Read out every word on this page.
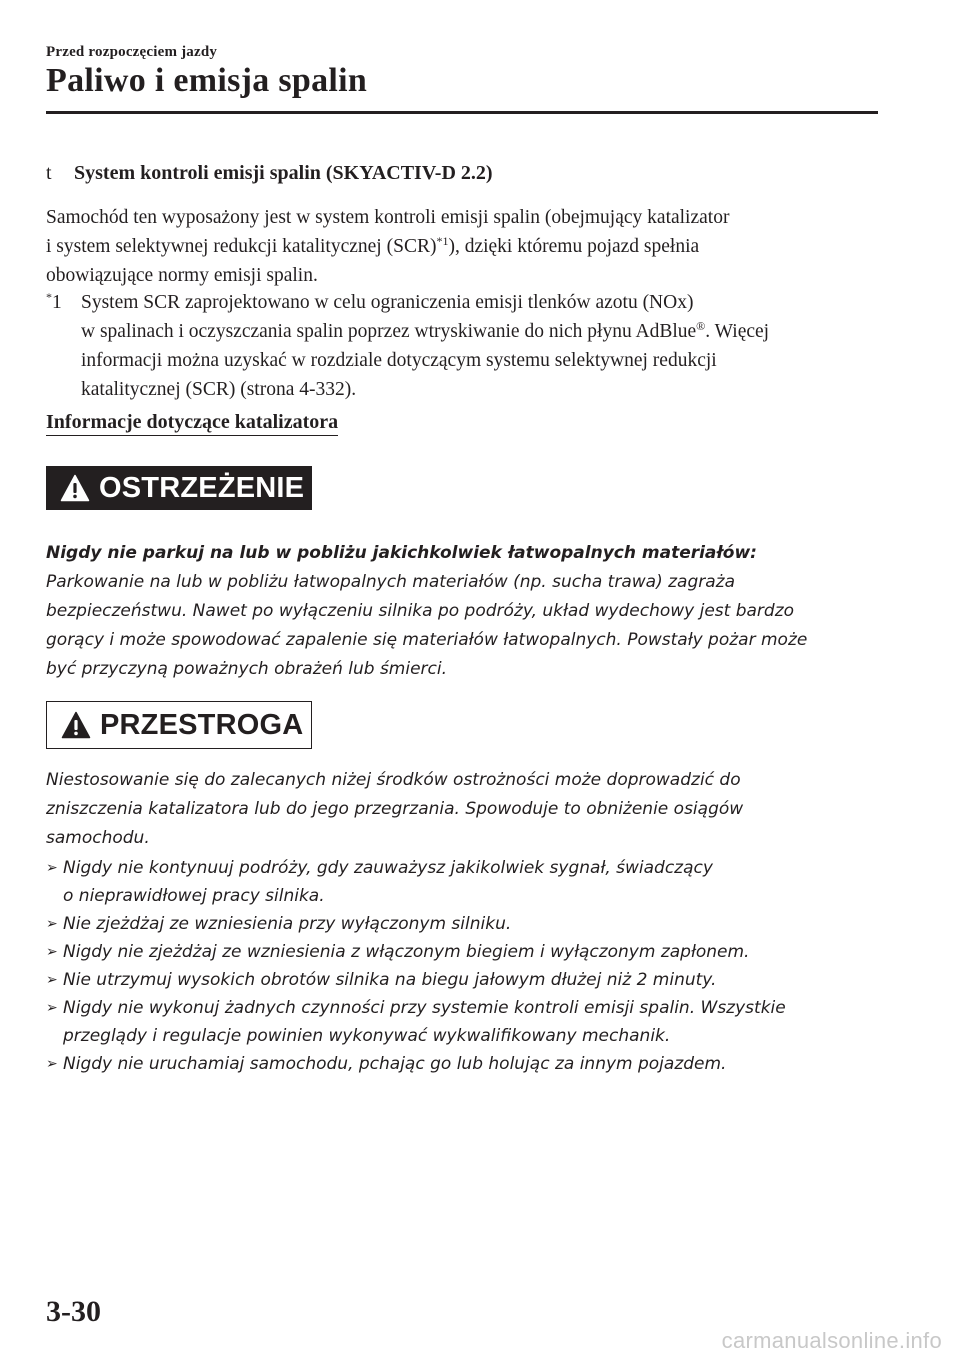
Przed rozpoczęciem jazdy
Paliwo i emisja spalin
t System kontroli emisji spalin (SKYACTIV-D 2.2)
Samochód ten wyposażony jest w system kontroli emisji spalin (obejmujący katalizator
i system selektywnej redukcji katalitycznej (SCR)$^{*1}$), dzięki któremu pojazd spełnia
obowiązujące normy emisji spalin.
*1 System SCR zaprojektowano w celu ograniczenia emisji tlenków azotu (NOx)
w spalinach i oczyszczania spalin poprzez wtryskiwanie do nich płynu AdBlue®. Więcej
informacji można uzyskać w rozdziale dotyczącym systemu selektywnej redukcji
katalitycznej (SCR) (strona 4-332).
Informacje dotyczące katalizatora
OSTRZEŻENIE
Nigdy nie parkuj na lub w pobliżu jakichkolwiek łatwopalnych materiałów:
Parkowanie na lub w pobliżu łatwopalnych materiałów (np. sucha trawa) zagraża
bezpieczeństwu. Nawet po wyłączeniu silnika po podróży, układ wydechowy jest bardzo
gorący i może spowodować zapalenie się materiałów łatwopalnych. Powstały pożar może
być przyczyną poważnych obrażeń lub śmierci.
PRZESTROGA
Niestosowanie się do zalecanych niżej środków ostrożności może doprowadzić do
zniszczenia katalizatora lub do jego przegrzania. Spowoduje to obniżenie osiągów
samochodu.
➢ Nigdy nie kontynuuj podróży, gdy zauważysz jakikolwiek sygnał, świadczący
o nieprawidłowej pracy silnika.
➢ Nie zjeżdżaj ze wzniesienia przy wyłączonym silniku.
➢ Nigdy nie zjeżdżaj ze wzniesienia z włączonym biegiem i wyłączonym zapłonem.
➢ Nie utrzymuj wysokich obrotów silnika na biegu jałowym dłużej niż 2 minuty.
➢ Nigdy nie wykonuj żadnych czynności przy systemie kontroli emisji spalin. Wszystkie
przeglądy i regulacje powinien wykonywać wykwalifikowany mechanik.
➢ Nigdy nie uruchamiaj samochodu, pchając go lub holując za innym pojazdem.
3-30
carmanualsonline.info
